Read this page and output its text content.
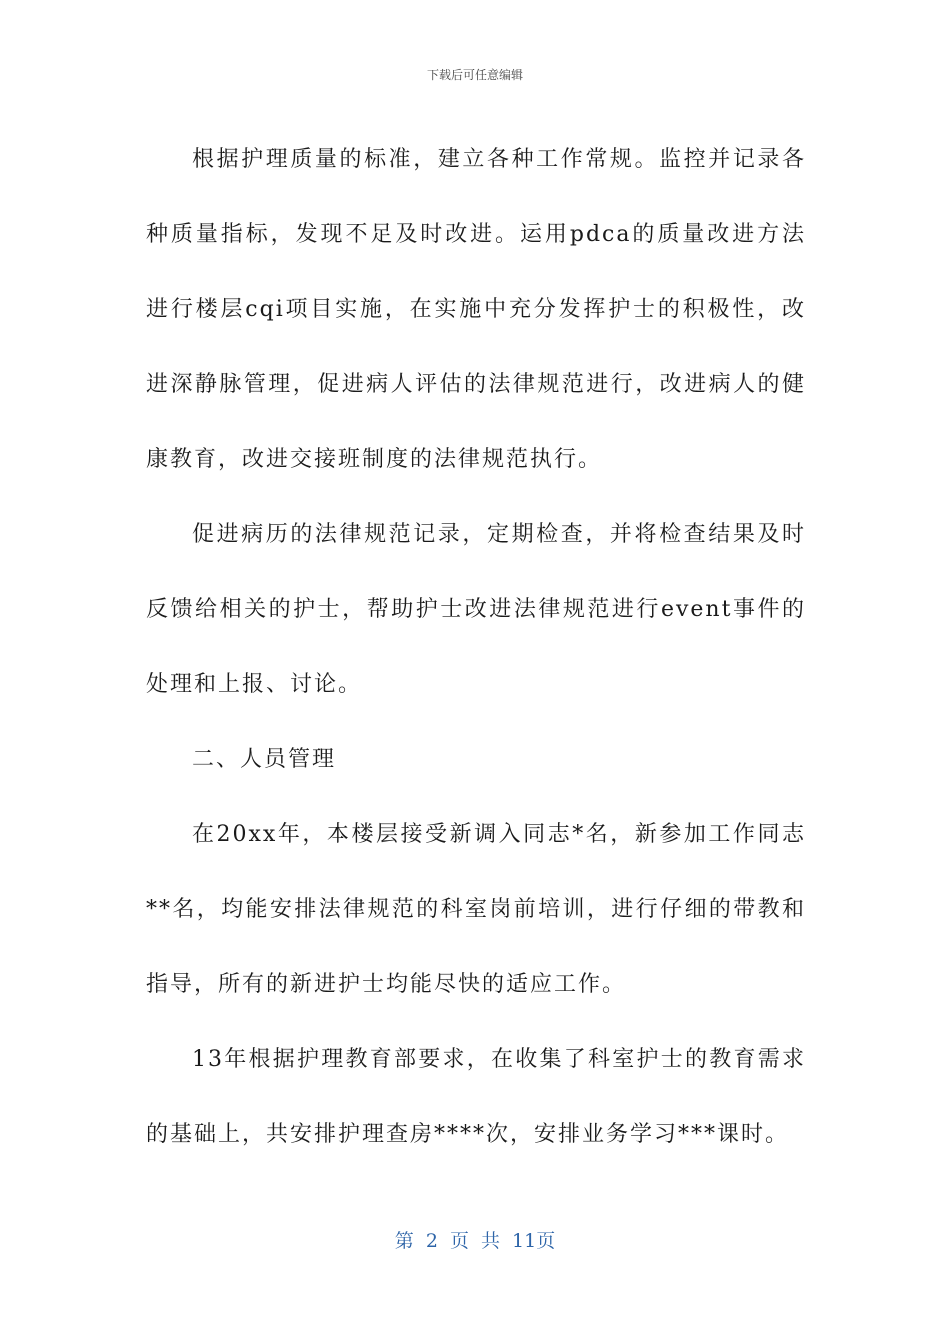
下载后可任意编辑

根据护理质量的标准，建立各种工作常规。监控并记录各种质量指标，发现不足及时改进。运用pdca的质量改进方法进行楼层cqi项目实施，在实施中充分发挥护士的积极性，改进深静脉管理，促进病人评估的法律规范进行，改进病人的健康教育，改进交接班制度的法律规范执行。

促进病历的法律规范记录，定期检查，并将检查结果及时反馈给相关的护士，帮助护士改进法律规范进行event事件的处理和上报、讨论。

二、人员管理

在20xx年，本楼层接受新调入同志*名，新参加工作同志**名，均能安排法律规范的科室岗前培训，进行仔细的带教和指导，所有的新进护士均能尽快的适应工作。

13年根据护理教育部要求，在收集了科室护士的教育需求的基础上，共安排护理查房****次，安排业务学习***课时。

第 2 页 共 11页
